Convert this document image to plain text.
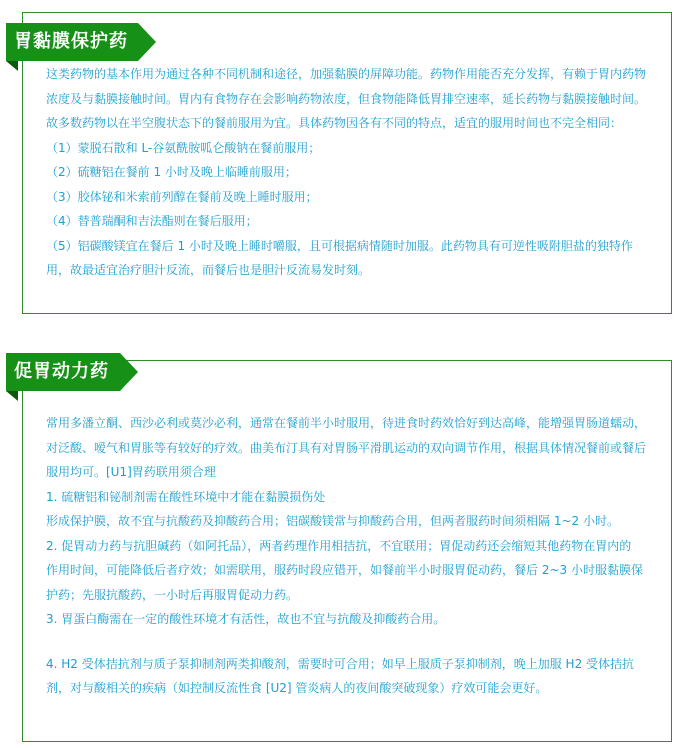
胃黏膜保护药

这类药物的基本作用为通过各种不同机制和途径，加强黏膜的屏障功能。药物作用能否充分发挥，有赖于胃内药物

浓度及与黏膜接触时间。胃内有食物存在会影响药物浓度，但食物能降低胃排空速率，延长药物与黏膜接触时间。

故多数药物以在半空腹状态下的餐前服用为宜。具体药物因各有不同的特点，适宜的服用时间也不完全相同：

（1）蒙脱石散和 L-谷氨酰胺呱仑酸钠在餐前服用；

（2）硫糖铝在餐前 1 小时及晚上临睡前服用；

（3）胶体铋和米索前列醇在餐前及晚上睡时服用；

（4）替普瑞酮和吉法酯则在餐后服用；

（5）铝碳酸镁宜在餐后 1 小时及晚上睡时嚼服，且可根据病情随时加服。此药物具有可逆性吸附胆盐的独特作

用，故最适宜治疗胆汁反流，而餐后也是胆汁反流易发时刻。

促胃动力药

常用多潘立酮、西沙必利或莫沙必利，通常在餐前半小时服用，待进食时药效恰好到达高峰，能增强胃肠道蠕动，

对泛酸、嗳气和胃胀等有较好的疗效。曲美布汀具有对胃肠平滑肌运动的双向调节作用，根据具体情况餐前或餐后

服用均可。[U1]胃药联用须合理

1. 硫糖铝和铋制剂需在酸性环境中才能在黏膜损伤处

形成保护膜，故不宜与抗酸药及抑酸药合用；铝碳酸镁常与抑酸药合用，但两者服药时间须相隔 1~2 小时。

2. 促胃动力药与抗胆碱药（如阿托品），两者药理作用相拮抗，不宜联用；胃促动药还会缩短其他药物在胃内的

作用时间，可能降低后者疗效；如需联用，服药时段应错开，如餐前半小时服胃促动药，餐后 2~3 小时服黏膜保

护药；先服抗酸药，一小时后再服胃促动力药。

3. 胃蛋白酶需在一定的酸性环境才有活性，故也不宜与抗酸及抑酸药合用。

4. H2 受体拮抗剂与质子泵抑制剂两类抑酸剂，需要时可合用；如早上服质子泵抑制剂，晚上加服 H2 受体拮抗

剂，对与酸相关的疾病（如控制反流性食 [U2] 管炎病人的夜间酸突破现象）疗效可能会更好。
